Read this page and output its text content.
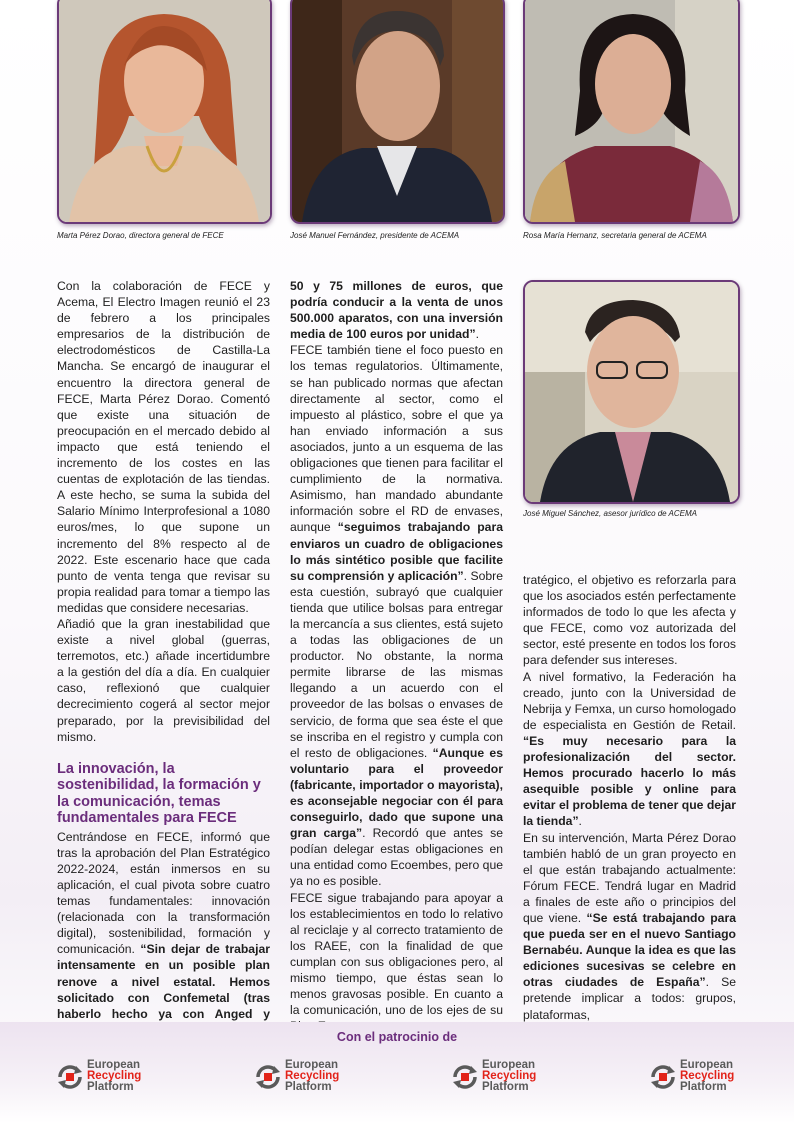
Marta Pérez Dorao, directora general de FECE	José Manuel Fernández, presidente de ACEMA	Rosa María Hernanz, secretaria general de ACEMA
José Miguel Sánchez, asesor jurídico de ACEMA

Con la colaboración de FECE y Acema, El Electro Imagen reunió el 23 de febrero a los principales empresarios de la distribución de electrodomésticos de Castilla-La Mancha. Se encargó de inaugurar el encuentro la directora general de FECE, Marta Pérez Dorao. Comentó que existe una situación de preocupación en el mercado debido al impacto que está teniendo el incremento de los costes en las cuentas de explotación de las tiendas. A este hecho, se suma la subida del Salario Mínimo Interprofesional a 1080 euros/mes, lo que supone un incremento del 8% respecto al de 2022. Este escenario hace que cada punto de venta tenga que revisar su propia realidad para tomar a tiempo las medidas que considere necesarias.

Añadió que la gran inestabilidad que existe a nivel global (guerras, terremotos, etc.) añade incertidumbre a la gestión del día a día. En cualquier caso, reflexionó que cualquier decrecimiento cogerá al sector mejor preparado, por la previsibilidad del mismo.

La innovación, la sostenibilidad, la formación y la comunicación, temas fundamentales para FECE

Centrándose en FECE, informó que tras la aprobación del Plan Estratégico 2022-2024, están inmersos en su aplicación, el cual pivota sobre cuatro temas fundamentales: innovación (relacionada con la transformación digital), sostenibilidad, formación y comunicación. “Sin dejar de trabajar intensamente en un posible plan renove a nivel estatal. Hemos solicitado con Confemetal (tras haberlo hecho ya con Anged y

50 y 75 millones de euros, que podría conducir a la venta de unos 500.000 aparatos, con una inversión media de 100 euros por unidad”.

FECE también tiene el foco puesto en los temas regulatorios. Últimamente, se han publicado normas que afectan directamente al sector, como el impuesto al plástico, sobre el que ya han enviado información a sus asociados, junto a un esquema de las obligaciones que tienen para facilitar el cumplimiento de la normativa. Asimismo, han mandado abundante información sobre el RD de envases, aunque “seguimos trabajando para enviaros un cuadro de obligaciones lo más sintético posible que facilite su comprensión y aplicación”. Sobre esta cuestión, subrayó que cualquier tienda que utilice bolsas para entregar la mercancía a sus clientes, está sujeto a todas las obligaciones de un productor. No obstante, la norma permite librarse de las mismas llegando a un acuerdo con el proveedor de las bolsas o envases de servicio, de forma que sea éste el que se inscriba en el registro y cumpla con el resto de obligaciones. “Aunque es voluntario para el proveedor (fabricante, importador o mayorista), es aconsejable negociar con él para conseguirlo, dado que supone una gran carga”. Recordó que antes se podían delegar estas obligaciones en una entidad como Ecoembes, pero que ya no es posible.

FECE sigue trabajando para apoyar a los establecimientos en todo lo relativo al reciclaje y al correcto tratamiento de los RAEE, con la finalidad de que cumplan con sus obligaciones pero, al mismo tiempo, que éstas sean lo menos gravosas posible. En cuanto a la comunicación, uno de los ejes de su

tratégico, el objetivo es reforzarla para que los asociados estén perfectamente informados de todo lo que les afecta y que FECE, como voz autorizada del sector, esté presente en todos los foros para defender sus intereses.

A nivel formativo, la Federación ha creado, junto con la Universidad de Nebrija y Femxa, un curso homologado de especialista en Gestión de Retail. “Es muy necesario para la profesionalización del sector. Hemos procurado hacerlo lo más asequible posible y online para evitar el problema de tener que dejar la tienda”.

En su intervención, Marta Pérez Dorao también habló de un gran proyecto en el que están trabajando actualmente: Fórum FECE. Tendrá lugar en Madrid a finales de este año o principios del que viene. “Se está trabajando para que pueda ser en el nuevo Santiago Bernabéu. Aunque la idea es que las ediciones sucesivas se celebre en otras ciudades de España”. Se pretende implicar a todos: grupos, plataformas,

Con el patrocinio de
European
Recycling
Platform
European
Recycling
Platform
European
Recycling
Platform
European
Recycling
Platform
